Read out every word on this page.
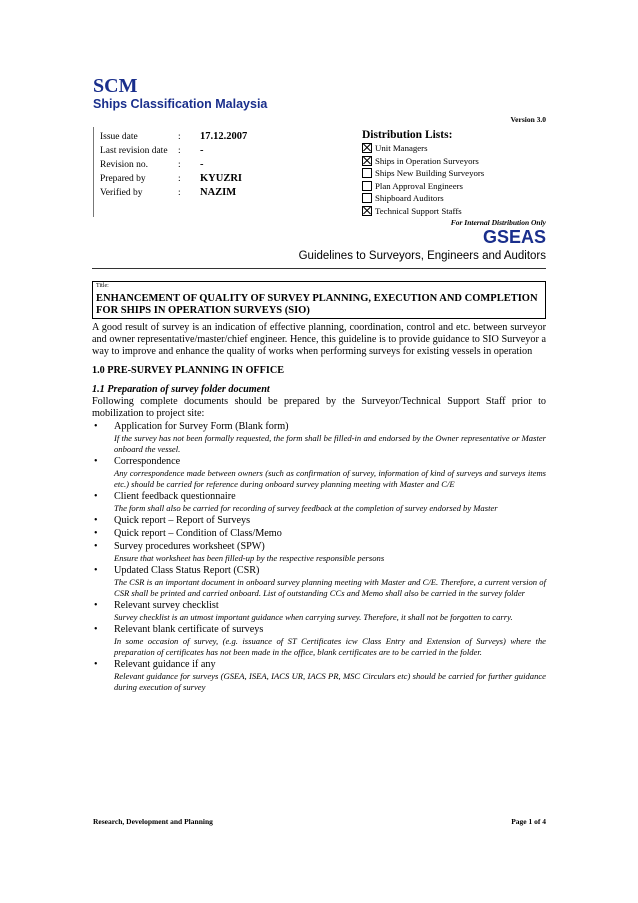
SCM
Ships Classification Malaysia
Version 3.0
Issue date	: 17.12.2007
Last revision date : -
Revision no.	: -
Prepared by	: KYUZRI
Verified by	: NAZIM
Distribution Lists:
Unit Managers
Ships in Operation Surveyors
Ships New Building Surveyors
Plan Approval Engineers
Shipboard Auditors
Technical Support Staffs
For Internal Distribution Only
GSEAS
Guidelines to Surveyors, Engineers and Auditors
Title:
ENHANCEMENT OF QUALITY OF SURVEY PLANNING, EXECUTION AND COMPLETION FOR SHIPS IN OPERATION SURVEYS (SIO)

A good result of survey is an indication of effective planning, coordination, control and etc. between surveyor and owner representative/master/chief engineer. Hence, this guideline is to provide guidance to SIO Surveyor a way to improve and enhance the quality of works when performing surveys for existing vessels in operation

1.0 PRE-SURVEY PLANNING IN OFFICE

1.1 Preparation of survey folder document

Following complete documents should be prepared by the Surveyor/Technical Support Staff prior to mobilization to project site:

• Application for Survey Form (Blank form)
If the survey has not been formally requested, the form shall be filled-in and endorsed by the Owner representative or Master onboard the vessel.
• Correspondence
Any correspondence made between owners (such as confirmation of survey, information of kind of surveys and surveys items etc.) should be carried for reference during onboard survey planning meeting with Master and C/E
• Client feedback questionnaire
The form shall also be carried for recording of survey feedback at the completion of survey endorsed by Master
• Quick report – Report of Surveys
• Quick report – Condition of Class/Memo
• Survey procedures worksheet (SPW)
Ensure that worksheet has been filled-up by the respective responsible persons
• Updated Class Status Report (CSR)
The CSR is an important document in onboard survey planning meeting with Master and C/E. Therefore, a current version of CSR shall be printed and carried onboard. List of outstanding CCs and Memo shall also be carried in the survey folder
• Relevant survey checklist
Survey checklist is an utmost important guidance when carrying survey. Therefore, it shall not be forgotten to carry.
• Relevant blank certificate of surveys
In some occasion of survey, (e.g. issuance of ST Certificates icw Class Entry and Extension of Surveys) where the preparation of certificates has not been made in the office, blank certificates are to be carried in the folder.
• Relevant guidance if any
Relevant guidance for surveys (GSEA, ISEA, IACS UR, IACS PR, MSC Circulars etc) should be carried for further guidance during execution of survey
Research, Development and Planning	Page 1 of 4
